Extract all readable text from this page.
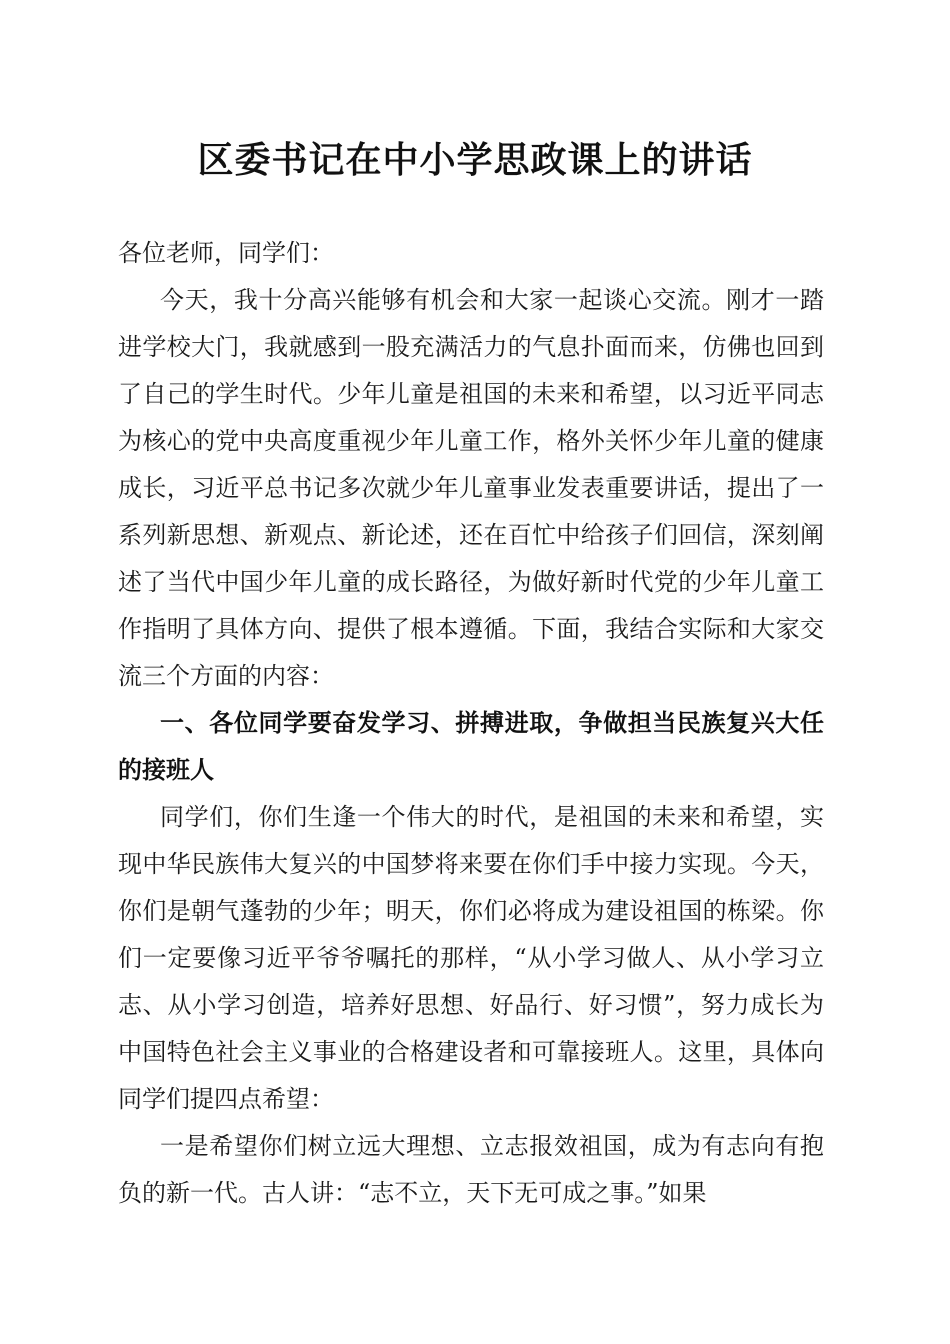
区委书记在中小学思政课上的讲话

各位老师，同学们：

今天，我十分高兴能够有机会和大家一起谈心交流。刚才一踏进学校大门，我就感到一股充满活力的气息扑面而来，仿佛也回到了自己的学生时代。少年儿童是祖国的未来和希望，以习近平同志为核心的党中央高度重视少年儿童工作，格外关怀少年儿童的健康成长，习近平总书记多次就少年儿童事业发表重要讲话，提出了一系列新思想、新观点、新论述，还在百忙中给孩子们回信，深刻阐述了当代中国少年儿童的成长路径，为做好新时代党的少年儿童工作指明了具体方向、提供了根本遵循。下面，我结合实际和大家交流三个方面的内容：

一、各位同学要奋发学习、拼搏进取，争做担当民族复兴大任的接班人

同学们，你们生逢一个伟大的时代，是祖国的未来和希望，实现中华民族伟大复兴的中国梦将来要在你们手中接力实现。今天，你们是朝气蓬勃的少年；明天，你们必将成为建设祖国的栋梁。你们一定要像习近平爷爷嘱托的那样，“从小学习做人、从小学习立志、从小学习创造，培养好思想、好品行、好习惯”，努力成长为中国特色社会主义事业的合格建设者和可靠接班人。这里，具体向同学们提四点希望：

一是希望你们树立远大理想、立志报效祖国，成为有志向有抱负的新一代。古人讲：“志不立，天下无可成之事。”如果
